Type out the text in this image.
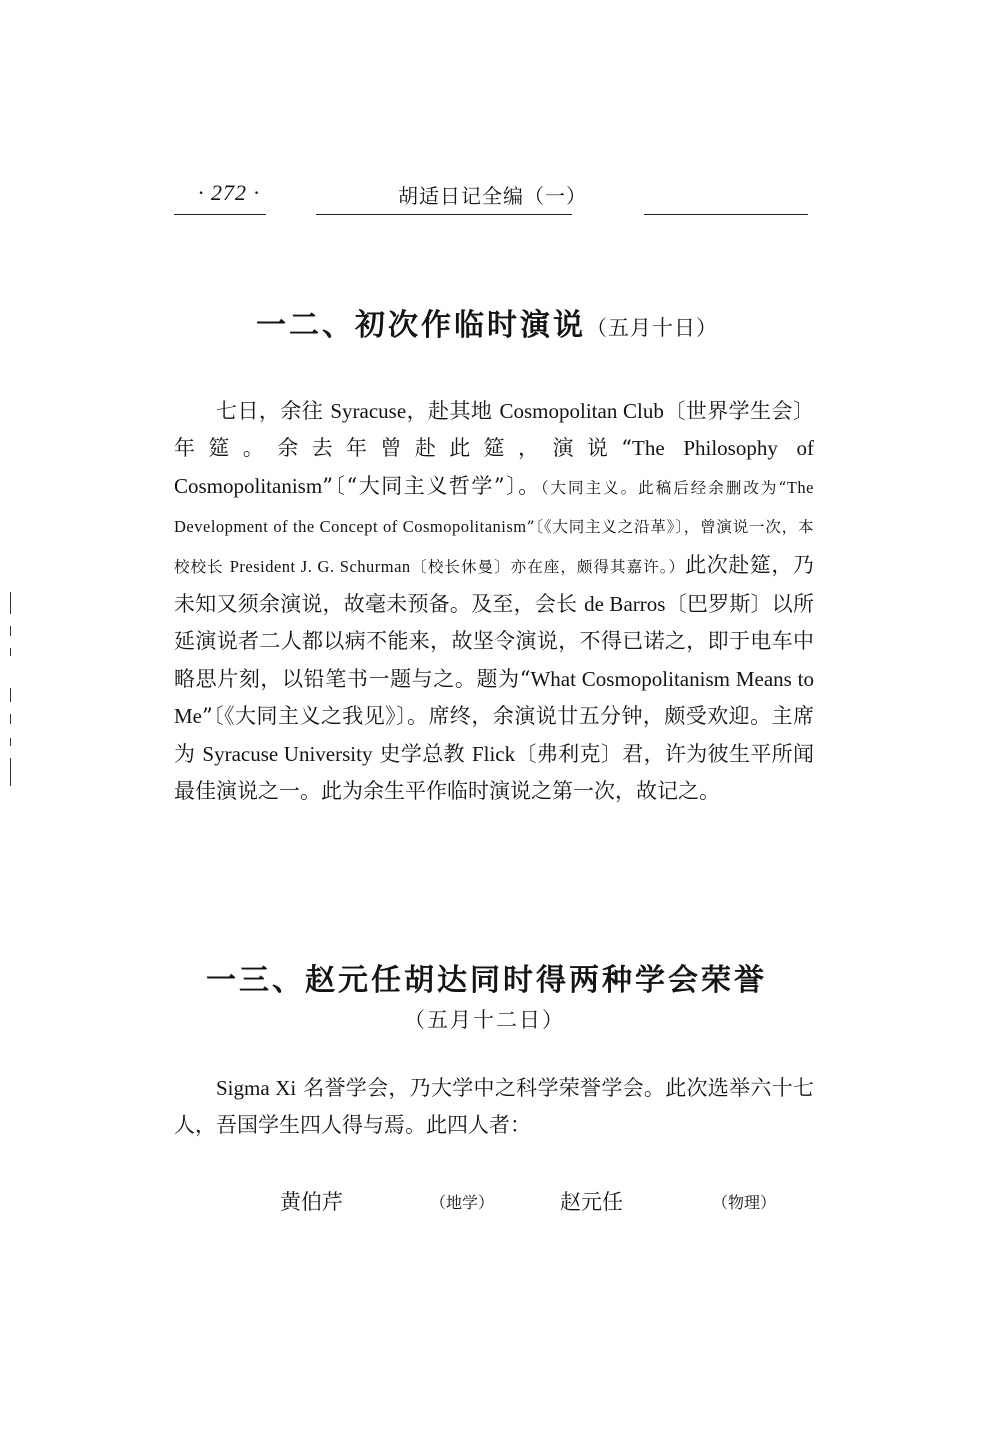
· 272 ·	胡适日记全编（一）
一二、初次作临时演说（五月十日）
七日，余往 Syracuse，赴其地 Cosmopolitan Club〔世界学生会〕年筵。余去年曾赴此筵，演说“The Philosophy of Cosmopolitanism”〔“大同主义哲学”〕。（大同主义。此稿后经余删改为“The Development of the Concept of Cosmopolitanism”〔《大同主义之沿革》〕，曾演说一次，本校校长 President J. G. Schurman〔校长休曼〕亦在座，颇得其嘉许。）此次赴筵，乃未知又须余演说，故毫未预备。及至，会长 de Barros〔巴罗斯〕以所延演说者二人都以病不能来，故坚令演说，不得已诺之，即于电车中略思片刻，以铅笔书一题与之。题为“What Cosmopolitanism Means to Me”〔《大同主义之我见》〕。席终，余演说廿五分钟，颇受欢迎。主席为 Syracuse University 史学总教 Flick〔弗利克〕君，许为彼生平所闻最佳演说之一。此为余生平作临时演说之第一次，故记之。
一三、赵元任胡达同时得两种学会荣誉
（五月十二日）
Sigma Xi 名誉学会，乃大学中之科学荣誉学会。此次选举六十七人，吾国学生四人得与焉。此四人者：
黄伯芹	（地学）	赵元任	（物理）
